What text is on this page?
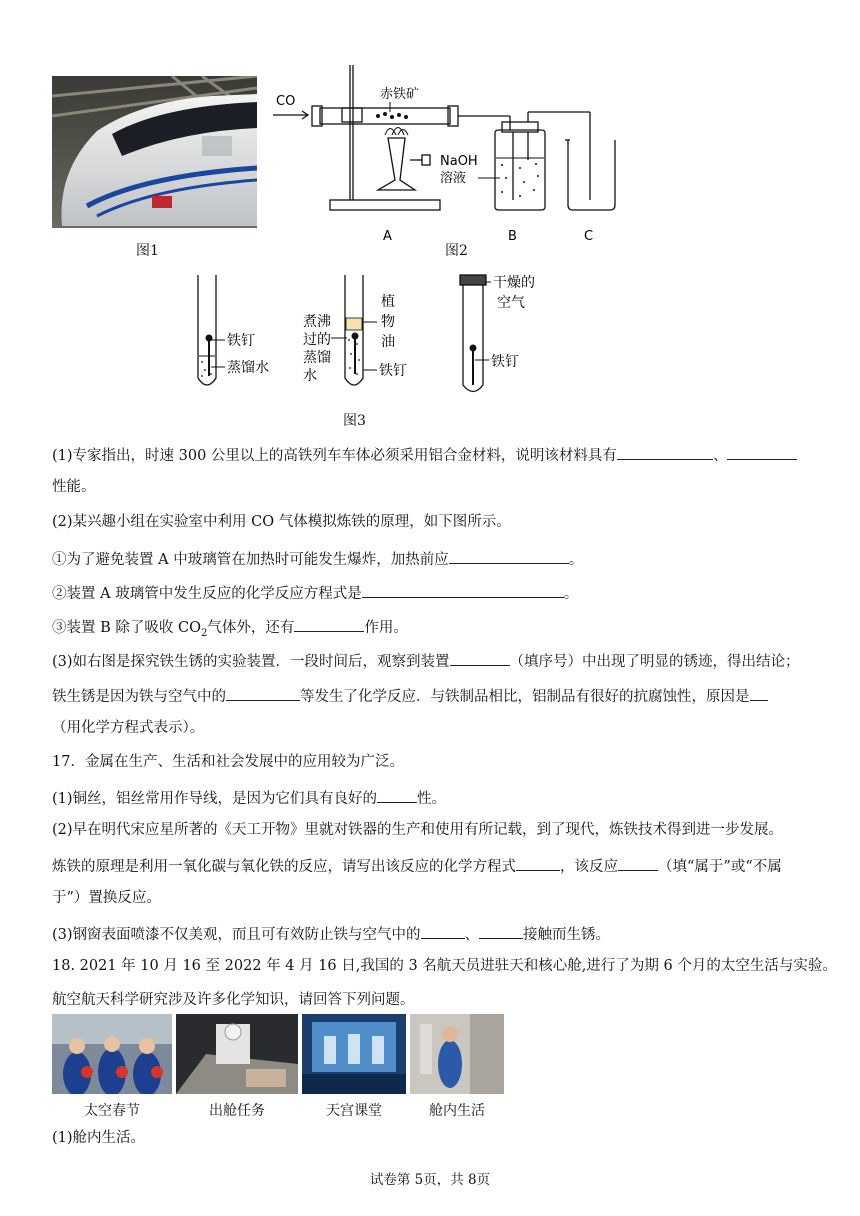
图1
CO	赤铁矿
NaOH
溶液
A	B	C
图2
铁钉
蒸馏水
煮沸
过的
蒸馏
水
植
物
油
铁钉
干燥的
空气
铁钉
图3
(1)专家指出，时速 300 公里以上的高铁列车车体必须采用铝合金材料，说明该材料具有	、
性能。
(2)某兴趣小组在实验室中利用 CO 气体模拟炼铁的原理，如下图所示。
①为了避免装置 A 中玻璃管在加热时可能发生爆炸，加热前应	。
②装置 A 玻璃管中发生反应的化学反应方程式是	。
③装置 B 除了吸收 $CO_2$气体外，还有	作用。
(3)如右图是探究铁生锈的实验装置．一段时间后，观察到装置	（填序号）中出现了明显的锈迹，得出结论；
铁生锈是因为铁与空气中的	等发生了化学反应．与铁制品相比，铝制品有很好的抗腐蚀性，原因是
（用化学方程式表示）。
17．金属在生产、生活和社会发展中的应用较为广泛。
(1)铜丝，铝丝常用作导线，是因为它们具有良好的	性。
(2)早在明代宋应星所著的《天工开物》里就对铁器的生产和使用有所记载，到了现代，炼铁技术得到进一步发展。
炼铁的原理是利用一氧化碳与氧化铁的反应，请写出该反应的化学方程式	，该反应	（填“属于”或“不属
于”）置换反应。
(3)钢窗表面喷漆不仅美观，而且可有效防止铁与空气中的	、	接触而生锈。
18. 2021 年 10 月 16 至 2022 年 4 月 16 日,我国的 3 名航天员进驻天和核心舱,进行了为期 6 个月的太空生活与实验。
航空航天科学研究涉及许多化学知识，请回答下列问题。
太空春节	出舱任务	天宫课堂	舱内生活
(1)舱内生活。
试卷第 5页，共 8页
